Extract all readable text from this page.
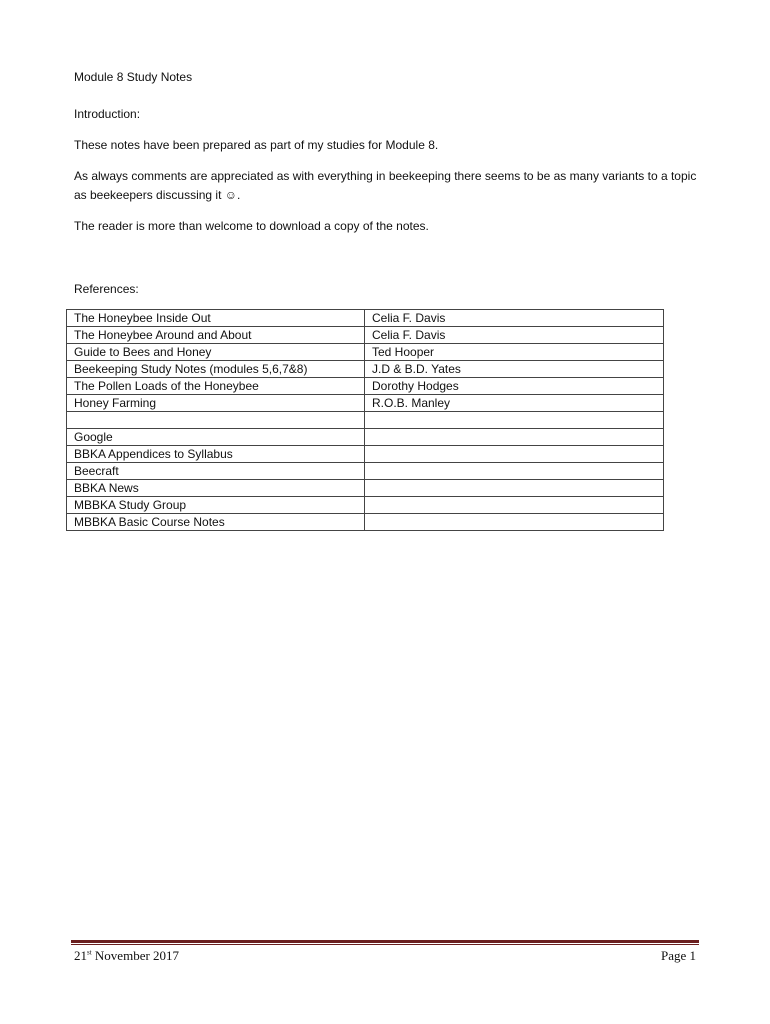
Module 8 Study Notes

Introduction:

These notes have been prepared as part of my studies for Module 8.

As always comments are appreciated as with everything in beekeeping there seems to be as many variants to a topic as beekeepers discussing it ☺.

The reader is more than welcome to download a copy of the notes.

References:

The Honeybee Inside Out	Celia F. Davis
The Honeybee Around and About	Celia F. Davis
Guide to Bees and Honey	Ted Hooper
Beekeeping Study Notes (modules 5,6,7&8)	J.D & B.D. Yates
The Pollen Loads of the Honeybee	Dorothy Hodges
Honey Farming	R.O.B. Manley

Google	
BBKA Appendices to Syllabus	
Beecraft	
BBKA News	
MBBKA Study Group	
MBBKA Basic Course Notes	
21st November 2017	Page 1
